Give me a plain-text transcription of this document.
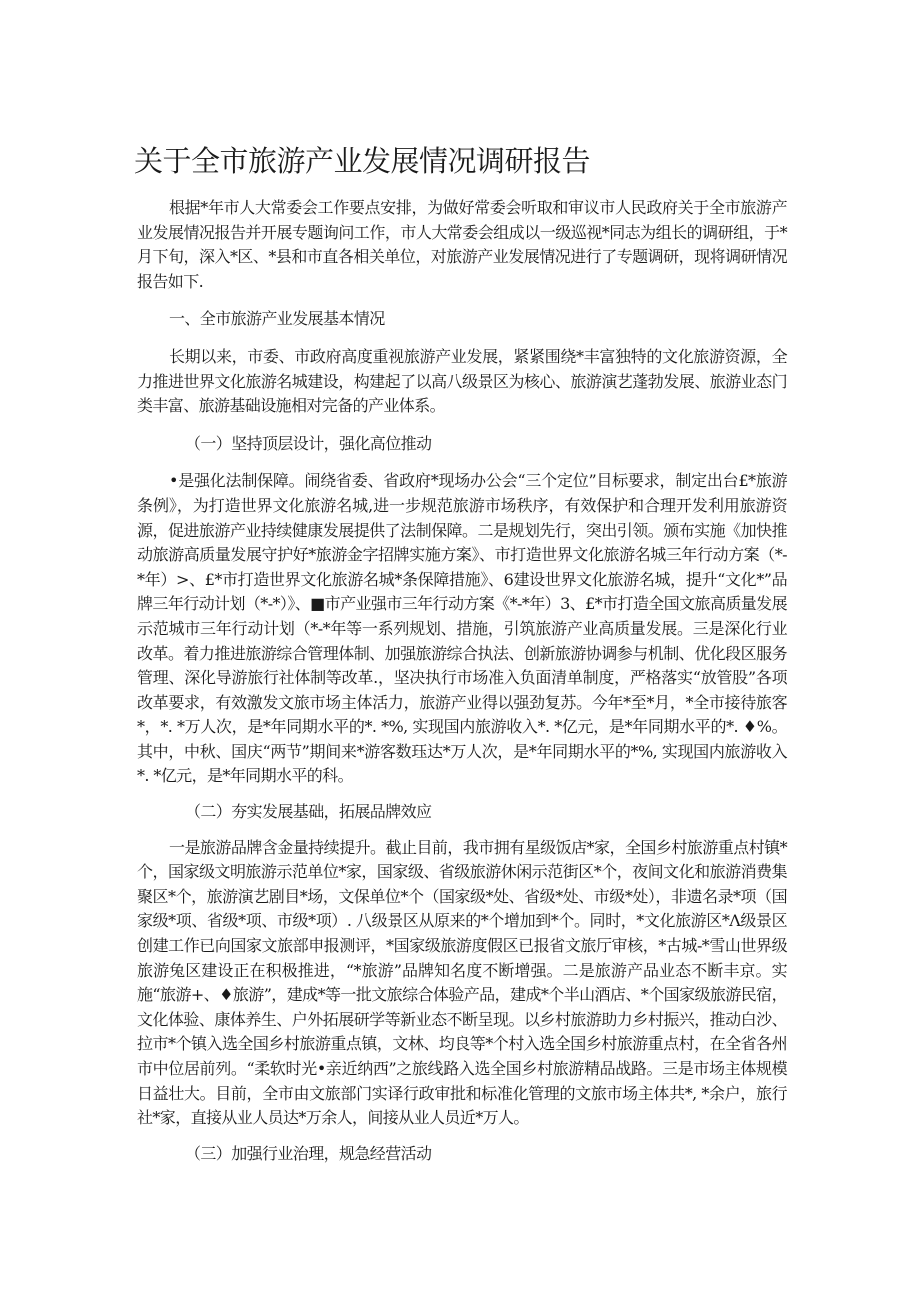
关于全市旅游产业发展情况调研报告

根据*年市人大常委会工作要点安排，为做好常委会听取和审议市人民政府关于全市旅游产业发展情况报告并开展专题询问工作，市人大常委会组成以一级巡视*同志为组长的调研组，于*月下旬，深入*区、*县和市直各相关单位，对旅游产业发展情况进行了专题调研，现将调研情况报告如下.

一、全市旅游产业发展基本情况

长期以来，市委、市政府高度重视旅游产业发展，紧紧围绕*丰富独特的文化旅游资源，全力推进世界文化旅游名城建设，构建起了以高八级景区为核心、旅游演艺蓬勃发展、旅游业态门类丰富、旅游基础设施相对完备的产业体系。

（一）坚持顶层设计，强化高位推动

•是强化法制保障。闹绕省委、省政府*现场办公会“三个定位”目标要求，制定出台£*旅游条例》，为打造世界文化旅游名城,进一步规范旅游市场秩序，有效保护和合理开发利用旅游资源，促进旅游产业持续健康发展提供了法制保障。二是规划先行，突出引领。颁布实施《加快推动旅游高质量发展守护好*旅游金字招牌实施方案》、市打造世界文化旅游名城三年行动方案（*-*年）>、£*市打造世界文化旅游名城*条保障措施》、6建设世界文化旅游名城，提升“文化*”品牌三年行动计划（*-*）》、■市产业强市三年行动方案《*-*年）3、£*市打造全国文旅高质量发展示范城市三年行动计划（*-*年等一系列规划、措施，引筑旅游产业高质量发展。三是深化行业改革。着力推进旅游综合管理体制、加强旅游综合执法、创新旅游协调参与机制、优化段区服务管理、深化导游旅行社体制等改革.，坚决执行市场准入负面清单制度，严格落实“放管股”各项改革要求，有效激发文旅市场主体活力，旅游产业得以强劲复苏。今年*至*月，*全市接待旅客*，*. *万人次，是*年同期水平的*. *%, 实现国内旅游收入*. *亿元，是*年同期水平的*. ♦%。其中，中秋、国庆“两节”期间来*游客数珏达*万人次，是*年同期水平的*%, 实现国内旅游收入*. *亿元，是*年同期水平的科。

（二）夯实发展基础，拓展品牌效应

一是旅游品牌含金量持续提升。截止目前，我市拥有星级饭店*家，全国乡村旅游重点村镇*个，国家级文明旅游示范单位*家，国家级、省级旅游休闲示范街区*个，夜间文化和旅游消费集聚区*个，旅游演艺剧目*场，文保单位*个（国家级*处、省级*处、市级*处），非遗名录*项（国家级*项、省级*项、市级*项）. 八级景区从原来的*个增加到*个。同时，*文化旅游区*Λ级景区创建工作已向国家文旅部申报测评，*国家级旅游度假区已报省文旅厅审核，*古城-*雪山世界级旅游兔区建设正在积极推进，“*旅游”品牌知名度不断增强。二是旅游产品业态不断丰京。实施“旅游+、♦旅游”，建成*等一批文旅综合体验产品，建成*个半山酒店、*个国家级旅游民宿，文化体验、康体养生、户外拓展研学等新业态不断呈现。以乡村旅游助力乡村振兴，推动白沙、拉市*个镇入选全国乡村旅游重点镇，文林、均良等*个村入选全国乡村旅游重点村，在全省各州市中位居前列。“柔软时光•亲近纳西”之旅线路入选全国乡村旅游精品战路。三是市场主体规模日益壮大。目前，全市由文旅部门实译行政审批和标准化管理的文旅市场主体共*, *余户，旅行社*家，直接从业人员达*万余人，间接从业人员近*万人。

（三）加强行业治理，规急经营活动
